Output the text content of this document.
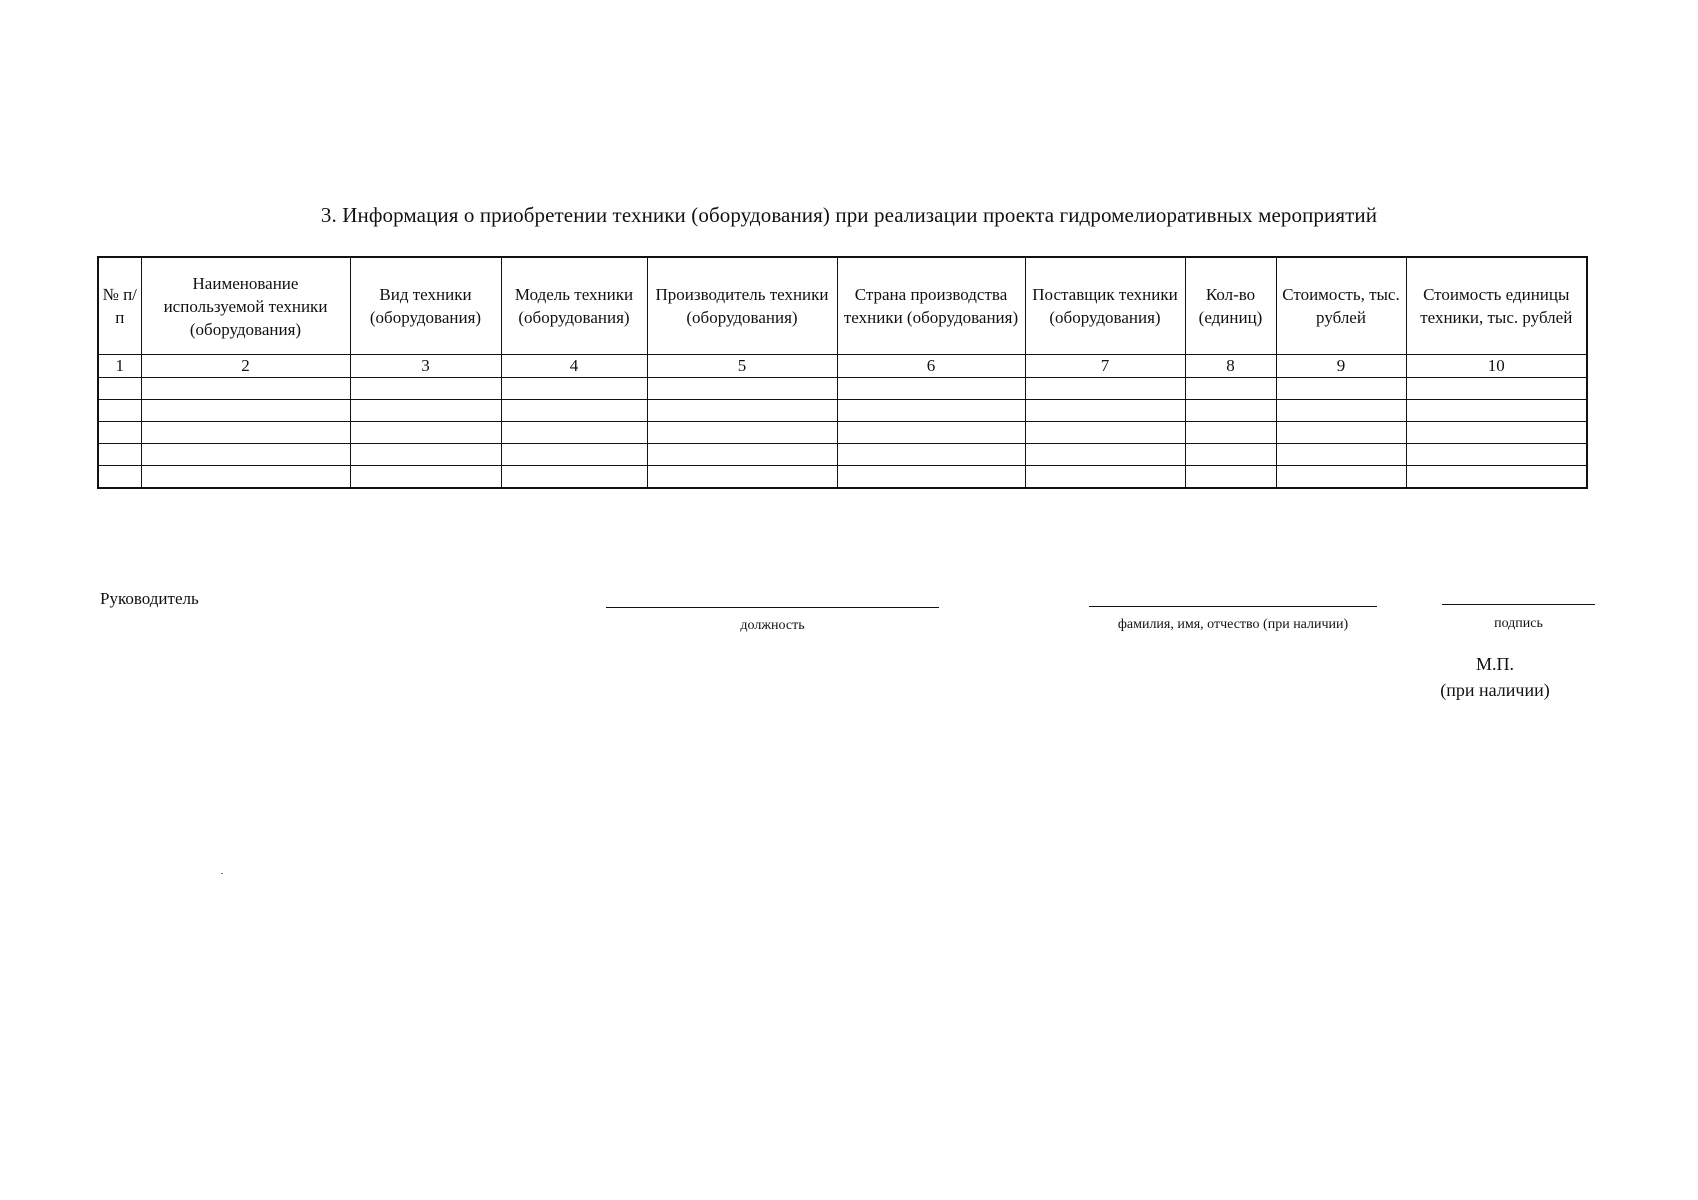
3. Информация о приобретении техники (оборудования) при реализации проекта гидромелиоративных мероприятий
№ п/п	Наименование используемой техники (оборудования)	Вид техники (оборудования)	Модель техники (оборудования)	Производитель техники (оборудования)	Страна производства техники (оборудования)	Поставщик техники (оборудования)	Кол-во (единиц)	Стоимость, тыс. рублей	Стоимость единицы техники, тыс. рублей
1	2	3	4	5	6	7	8	9	10

Руководитель
должность	фамилия, имя, отчество (при наличии)	подпись
М.П.
(при наличии)
